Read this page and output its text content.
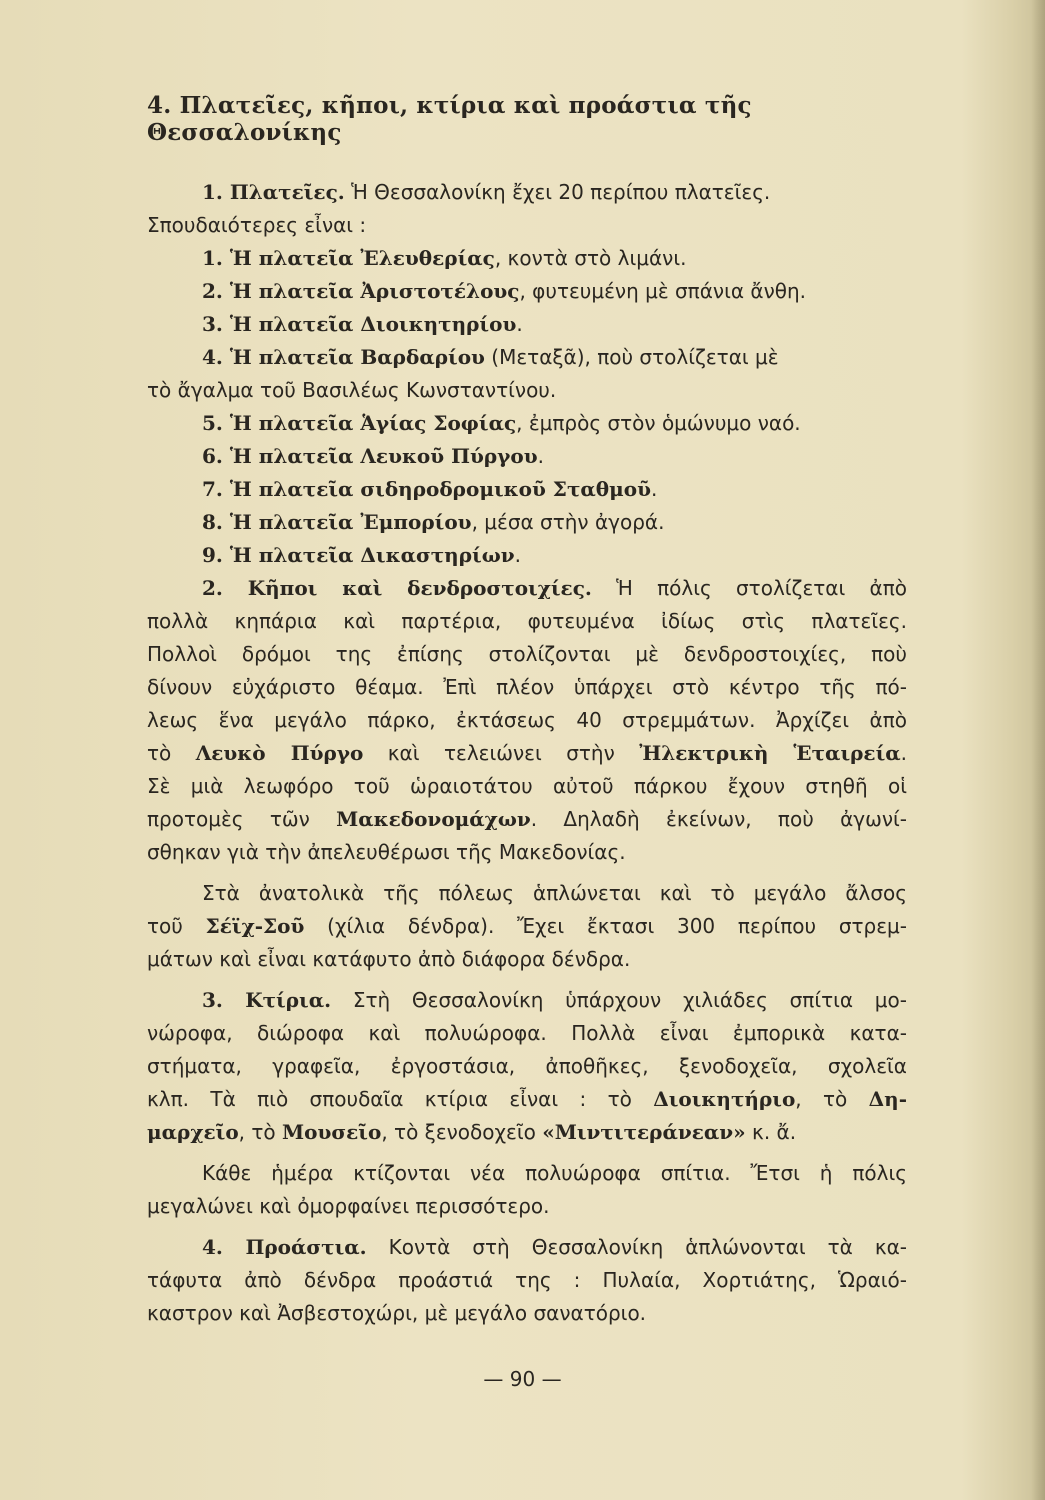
4. Πλατεῖες, κῆποι, κτίρια καὶ προάστια τῆς Θεσσαλονίκης

1. Πλατεῖες. Ἡ Θεσσαλονίκη ἔχει 20 περίπου πλατεῖες.

Σπουδαιότερες εἶναι :

1. Ἡ πλατεῖα Ἐλευθερίας, κοντὰ στὸ λιμάνι.

2. Ἡ πλατεῖα Ἀριστοτέλους, φυτευμένη μὲ σπάνια ἄνθη.

3. Ἡ πλατεῖα Διοικητηρίου.

4. Ἡ πλατεῖα Βαρδαρίου (Μεταξᾶ), ποὺ στολίζεται μὲ

τὸ ἄγαλμα τοῦ Βασιλέως Κωνσταντίνου.

5. Ἡ πλατεῖα Ἁγίας Σοφίας, ἐμπρὸς στὸν ὁμώνυμο ναό.

6. Ἡ πλατεῖα Λευκοῦ Πύργου.

7. Ἡ πλατεῖα σιδηροδρομικοῦ Σταθμοῦ.

8. Ἡ πλατεῖα Ἐμπορίου, μέσα στὴν ἀγορά.

9. Ἡ πλατεῖα Δικαστηρίων.

2. Κῆποι καὶ δενδροστοιχίες. Ἡ πόλις στολίζεται ἀπὸ

πολλὰ κηπάρια καὶ παρτέρια, φυτευμένα ἰδίως στὶς πλατεῖες.

Πολλοὶ δρόμοι της ἐπίσης στολίζονται μὲ δενδροστοιχίες, ποὺ

δίνουν εὐχάριστο θέαμα. Ἐπὶ πλέον ὑπάρχει στὸ κέντρο τῆς πό-

λεως ἕνα μεγάλο πάρκο, ἐκτάσεως 40 στρεμμάτων. Ἀρχίζει ἀπὸ

τὸ Λευκὸ Πύργο καὶ τελειώνει στὴν Ἠλεκτρικὴ Ἑταιρεία.

Σὲ μιὰ λεωφόρο τοῦ ὡραιοτάτου αὐτοῦ πάρκου ἔχουν στηθῆ οἱ

προτομὲς τῶν Μακεδονομάχων. Δηλαδὴ ἐκείνων, ποὺ ἀγωνί-

σθηκαν γιὰ τὴν ἀπελευθέρωσι τῆς Μακεδονίας.

Στὰ ἀνατολικὰ τῆς πόλεως ἁπλώνεται καὶ τὸ μεγάλο ἄλσος

τοῦ Σέϊχ-Σοῦ (χίλια δένδρα). Ἔχει ἔκτασι 300 περίπου στρεμ-

μάτων καὶ εἶναι κατάφυτο ἀπὸ διάφορα δένδρα.

3. Κτίρια. Στὴ Θεσσαλονίκη ὑπάρχουν χιλιάδες σπίτια μο-

νώροφα, διώροφα καὶ πολυώροφα. Πολλὰ εἶναι ἐμπορικὰ κατα-

στήματα, γραφεῖα, ἐργοστάσια, ἀποθῆκες, ξενοδοχεῖα, σχολεῖα

κλπ. Τὰ πιὸ σπουδαῖα κτίρια εἶναι : τὸ Διοικητήριο, τὸ Δη-

μαρχεῖο, τὸ Μουσεῖο, τὸ ξενοδοχεῖο «Μιντιτεράνεαν» κ. ἄ.

Κάθε ἡμέρα κτίζονται νέα πολυώροφα σπίτια. Ἔτσι ἡ πόλις

μεγαλώνει καὶ ὀμορφαίνει περισσότερο.

4. Προάστια. Κοντὰ στὴ Θεσσαλονίκη ἁπλώνονται τὰ κα-

τάφυτα ἀπὸ δένδρα προάστιά της : Πυλαία, Χορτιάτης, Ὡραιό-

καστρον καὶ Ἀσβεστοχώρι, μὲ μεγάλο σανατόριο.

— 90 —
